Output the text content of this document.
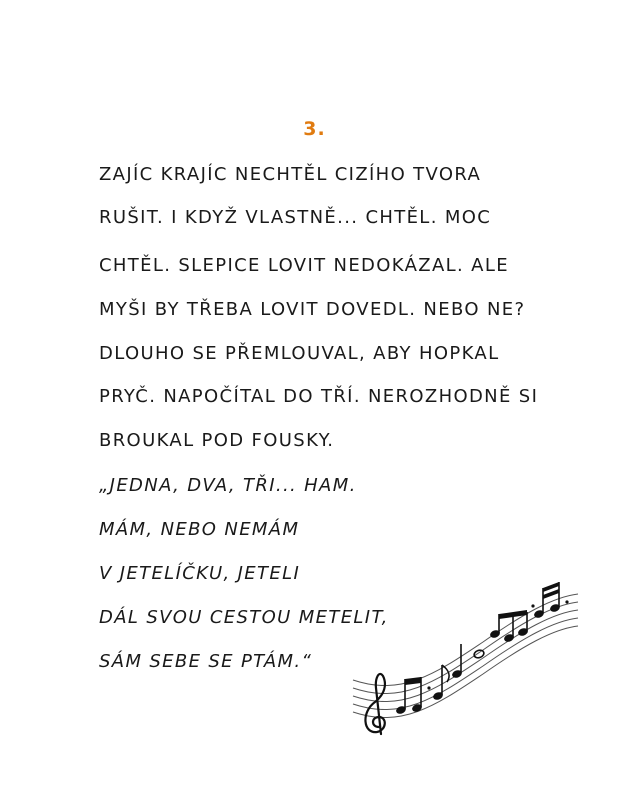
3.
ZAJÍC KRAJÍC NECHTĚL CIZÍHO TVORA
RUŠIT. I KDYŽ VLASTNĚ... CHTĚL. MOC
CHTĚL. SLEPICE LOVIT NEDOKÁZAL. ALE
MYŠI BY TŘEBA LOVIT DOVEDL. NEBO NE?
DLOUHO SE PŘEMLOUVAL, ABY HOPKAL
PRYČ. NAPOČÍTAL DO TŘÍ. NEROZHODNĚ SI
BROUKAL POD FOUSKY.
„JEDNA, DVA, TŘI... HAM.
MÁM, NEBO NEMÁM
V JETELÍČKU, JETELI
DÁL SVOU CESTOU METELIT,
SÁM SEBE SE PTÁM.“
